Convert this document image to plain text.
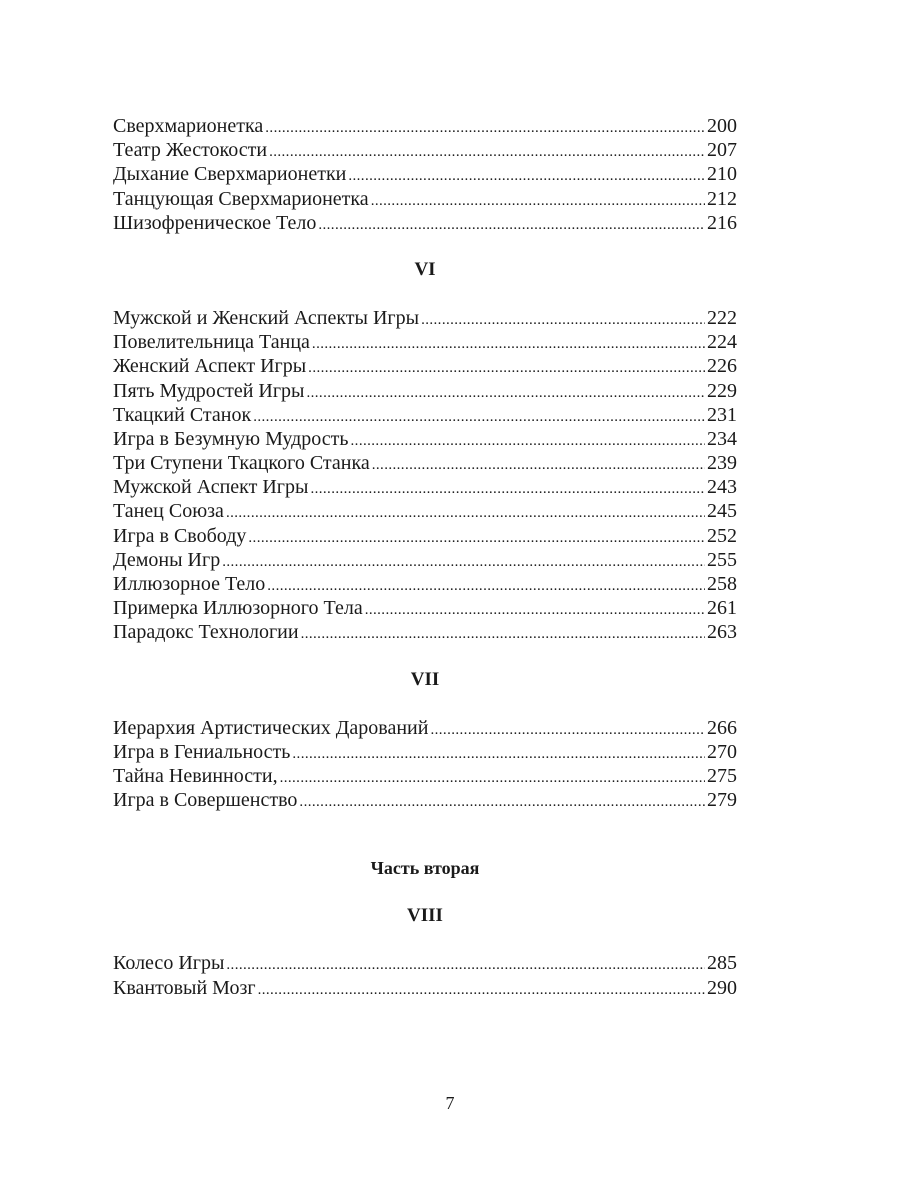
Сверхмарионетка .....	200
Театр Жестокости .....	207
Дыхание Сверхмарионетки .....	210
Танцующая Сверхмарионетка .....	212
Шизофреническое Тело .....	216
VI
Мужской и Женский Аспекты Игры .....	222
Повелительница Танца .....	224
Женский Аспект Игры .....	226
Пять Мудростей Игры .....	229
Ткацкий Станок .....	231
Игра в Безумную Мудрость .....	234
Три Ступени Ткацкого Станка .....	239
Мужской Аспект Игры .....	243
Танец Союза .....	245
Игра в Свободу .....	252
Демоны Игр .....	255
Иллюзорное Тело .....	258
Примерка Иллюзорного Тела .....	261
Парадокс Технологии .....	263
VII
Иерархия Артистических Дарований .....	266
Игра в Гениальность .....	270
Тайна Невинности, .....	275
Игра в Совершенство .....	279
Часть вторая
VIII
Колесо Игры .....	285
Квантовый Мозг .....	290
7
